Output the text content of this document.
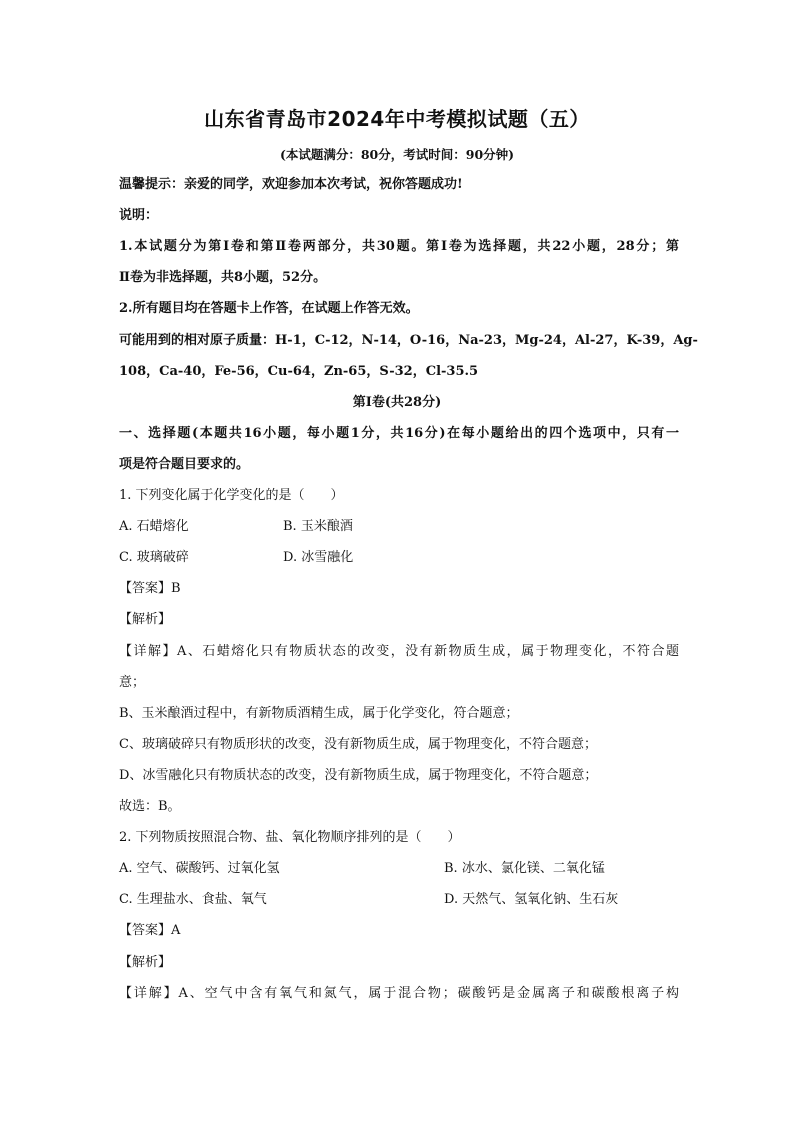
山东省青岛市2024年中考模拟试题（五）
(本试题满分：80分，考试时间：90分钟)
温馨提示：亲爱的同学，欢迎参加本次考试，祝你答题成功!
说明：
1.本试题分为第Ⅰ卷和第Ⅱ卷两部分，共30题。第Ⅰ卷为选择题，共22小题，28分；第
Ⅱ卷为非选择题，共8小题，52分。
2.所有题目均在答题卡上作答，在试题上作答无效。
可能用到的相对原子质量：H-1，C-12，N-14，O-16，Na-23，Mg-24，Al-27，K-39，Ag-
108，Ca-40，Fe-56，Cu-64，Zn-65，S-32，Cl-35.5
第Ⅰ卷(共28分)
一、选择题(本题共16小题，每小题1分，共16分)在每小题给出的四个选项中，只有一
项是符合题目要求的。
1. 下列变化属于化学变化的是（　　）
A. 石蜡熔化	B. 玉米酿酒
C. 玻璃破碎	D. 冰雪融化
【答案】B
【解析】
【详解】A、石蜡熔化只有物质状态的改变，没有新物质生成，属于物理变化，不符合题
意；
B、玉米酿酒过程中，有新物质酒精生成，属于化学变化，符合题意；
C、玻璃破碎只有物质形状的改变，没有新物质生成，属于物理变化，不符合题意；
D、冰雪融化只有物质状态的改变，没有新物质生成，属于物理变化，不符合题意；
故选：B。
2. 下列物质按照混合物、盐、氧化物顺序排列的是（　　）
A. 空气、碳酸钙、过氧化氢	B. 冰水、氯化镁、二氧化锰
C. 生理盐水、食盐、氧气	D. 天然气、氢氧化钠、生石灰
【答案】A
【解析】
【详解】A、空气中含有氧气和氮气，属于混合物；碳酸钙是金属离子和碳酸根离子构
